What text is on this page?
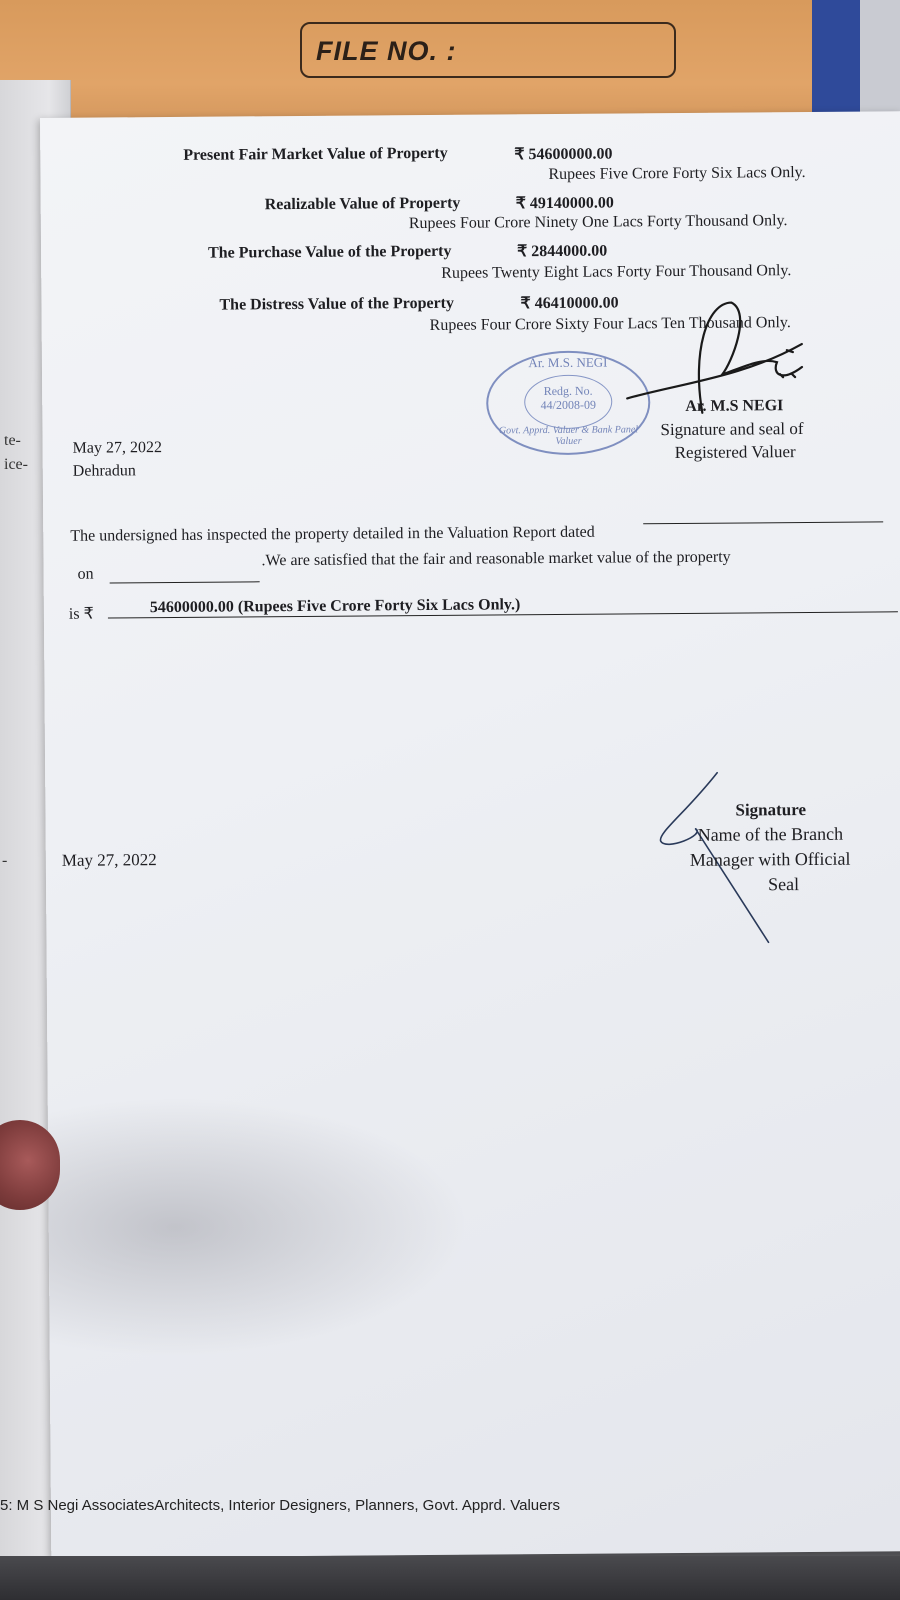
FILE NO. :
te-
ice-
-
Present Fair Market Value of Property	₹ 54600000.00
Rupees Five Crore Forty Six Lacs Only.
Realizable Value of Property	₹ 49140000.00
Rupees Four Crore Ninety One Lacs Forty Thousand Only.
The Purchase Value of the Property	₹ 2844000.00
Rupees Twenty Eight Lacs Forty Four Thousand Only.
The Distress Value of the Property	₹ 46410000.00
Rupees Four Crore Sixty Four Lacs Ten Thousand Only.
Ar. M.S. NEGI
Redg. No.
44/2008-09
Govt. Apprd. Valuer & Bank Panel Valuer
Ar. M.S NEGI
Signature and seal of
Registered Valuer
May 27, 2022
Dehradun
The undersigned has inspected the property detailed in the Valuation Report dated
on
.We are satisfied that the fair and reasonable market value of the property
is ₹	54600000.00 (Rupees Five Crore Forty Six Lacs Only.)
May 27, 2022
Signature
Name of the Branch
Manager with Official
Seal
5: M S Negi AssociatesArchitects, Interior Designers, Planners, Govt. Apprd. Valuers
